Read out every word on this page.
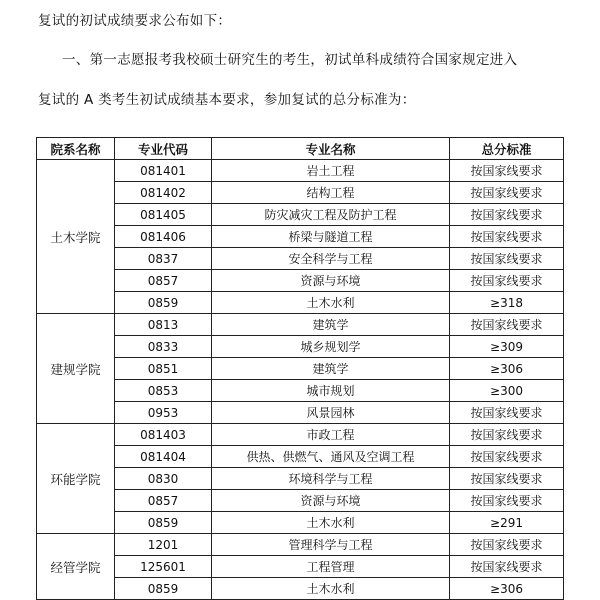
复试的初试成绩要求公布如下：
一、第一志愿报考我校硕士研究生的考生，初试单科成绩符合国家规定进入
复试的 A 类考生初试成绩基本要求，参加复试的总分标准为：
院系名称	专业代码	专业名称	总分标准
土木学院	081401	岩土工程	按国家线要求
	081402	结构工程	按国家线要求
	081405	防灾减灾工程及防护工程	按国家线要求
	081406	桥梁与隧道工程	按国家线要求
	0837	安全科学与工程	按国家线要求
	0857	资源与环境	按国家线要求
	0859	土木水利	≥318
建规学院	0813	建筑学	按国家线要求
	0833	城乡规划学	≥309
	0851	建筑学	≥306
	0853	城市规划	≥300
	0953	风景园林	按国家线要求
环能学院	081403	市政工程	按国家线要求
	081404	供热、供燃气、通风及空调工程	按国家线要求
	0830	环境科学与工程	按国家线要求
	0857	资源与环境	按国家线要求
	0859	土木水利	≥291
经管学院	1201	管理科学与工程	按国家线要求
	125601	工程管理	按国家线要求
	0859	土木水利	≥306
